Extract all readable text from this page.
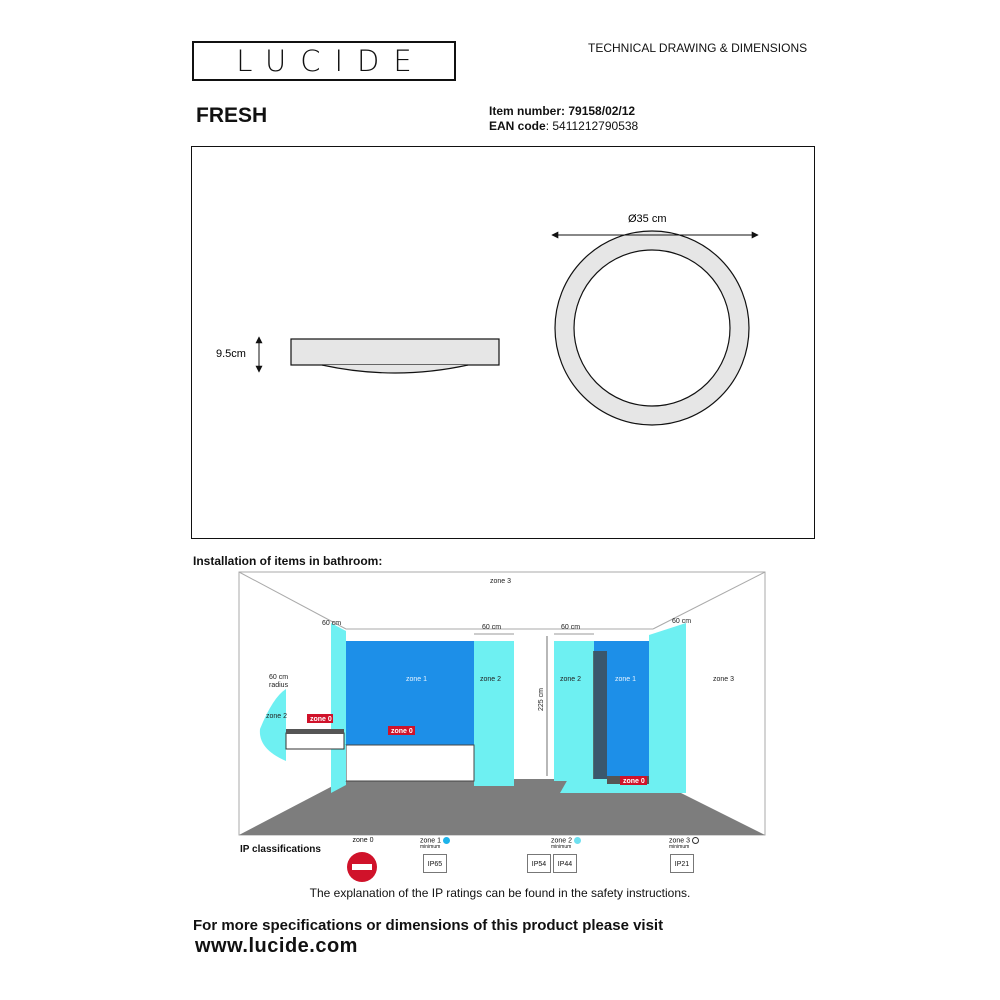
LUCIDE	TECHNICAL DRAWING & DIMENSIONS
FRESH	Item number: 79158/02/12
EAN code: 5411212790538
9.5cm
Ø35 cm
Installation of items in bathroom:
zone 0
zone 0
zone 0
zone 3
zone 3
zone 1	zone 1
zone 2	zone 2
zone 2
60 cm
60 cm	60 cm
60 cm
60 cm
radius
225 cm
IP classifications
zone 0	zone 1
minimum
IP65
zone 2
minimum
IP54	IP44
zone 3
minimum
IP21
The explanation of the IP ratings can be found in the safety instructions.
For more specifications or dimensions of this product please visit
www.lucide.com
